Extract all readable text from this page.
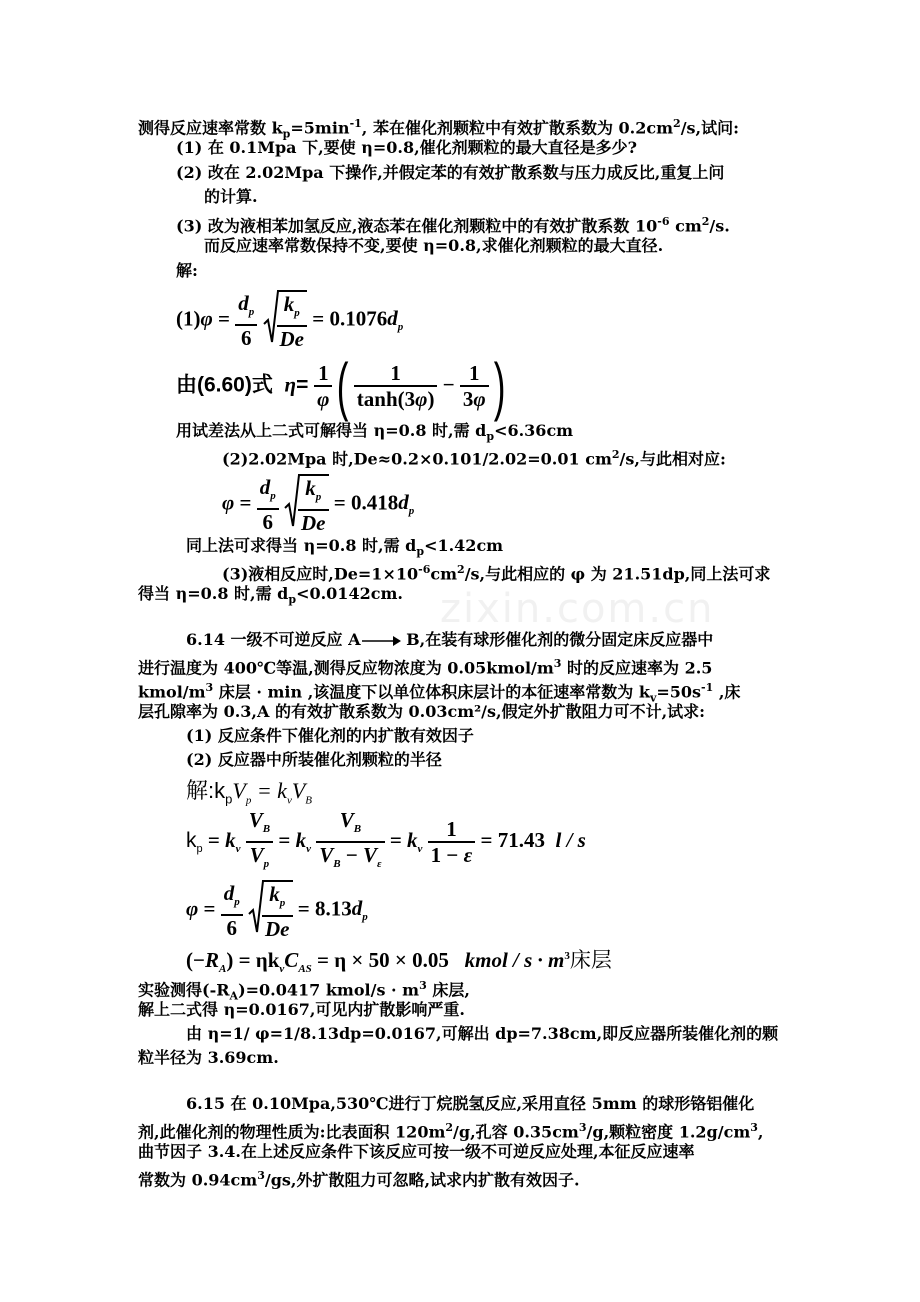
zixin.com.cn
测得反应速率常数 $k_p=5\min^{-1}$, 苯在催化剂颗粒中有效扩散系数为 $0.2cm^2/s$,试问:
(1) 在 0.1Mpa 下,要使 η=0.8,催化剂颗粒的最大直径是多少?
(2) 改在 2.02Mpa 下操作,并假定苯的有效扩散系数与压力成反比,重复上问
的计算.
(3) 改为液相苯加氢反应,液态苯在催化剂颗粒中的有效扩散系数 $10^{-6}$ $cm^2/s$.
而反应速率常数保持不变,要使 η=0.8,求催化剂颗粒的最大直径.
解:
$(1)\varphi = \frac{d_p}{6}$
$\frac{k_p}{De} = 0.1076d_p$
由(6.60)式 $\eta= \frac{1}{\varphi}$ ( $\frac{1}{\tanh(3\varphi)} - \frac{1}{3\varphi}$ )
用试差法从上二式可解得当 η=0.8 时,需 $d_p<6.36cm$
(2)2.02Mpa 时,De≈0.2×0.101/2.02=0.01 $cm^2/s$,与此相对应:
$\varphi = \frac{d_p}{6}$
$\frac{k_p}{De} = 0.418d_p$
同上法可求得当 η=0.8 时,需 $d_p<1.42cm$
(3)液相反应时$,De=1\times 10^{-6}cm^2/s$,与此相应的 φ 为 21.51dp,同上法可求
得当 η=0.8 时,需 $d_p<0.0142cm$.
6.14 一级不可逆反应 A→ B,在装有球形催化剂的微分固定床反应器中
进行温度为 400℃等温,测得反应物浓度为 $0.05kmol/m^3$ 时的反应速率为 2.5
kmol/$m^3$ 床层 · min ,该温度下以单位体积床层计的本征速率常数为 $k_v=50s^{-1}$ ,床
层孔隙率为 0.3,A 的有效扩散系数为 0.03cm²/s,假定外扩散阻力可不计,试求:
(1) 反应条件下催化剂的内扩散有效因子
(2) 反应器中所装催化剂颗粒的半径
解$:k_pV_p = k_vV_B$
$k_p = k_v \frac{V_B}{V_p} = k_v \frac{V_B}{V_B - V_\varepsilon} = k_v \frac{1}{1 - \varepsilon} = 71.43$ l / s
$\varphi = \frac{d_p}{6}$
$\frac{k_p}{De} = 8.13d_p$
$(-R_A) = \eta k_vC_{AS} = \eta \times 50 \times 0.05$ kmol / $s \cdot m^3$床层
实验测得$(-R_A)=0.0417$ kmol/s · $m^3$ 床层,
解上二式得 η=0.0167,可见内扩散影响严重.
由 η=1/ φ=1/8.13dp=0.0167,可解出 dp=7.38cm,即反应器所装催化剂的颗
粒半径为 3.69cm.
6.15 在 0.10Mpa,530℃进行丁烷脱氢反应,采用直径 5mm 的球形铬铝催化
剂,此催化剂的物理性质为:比表面积 $120m^2/g$,孔容 $0.35cm^3/g$,颗粒密度 $1.2g/cm^3$,
曲节因子 3.4.在上述反应条件下该反应可按一级不可逆反应处理,本征反应速率
常数为 $0.94cm^3/gs$,外扩散阻力可忽略,试求内扩散有效因子.
